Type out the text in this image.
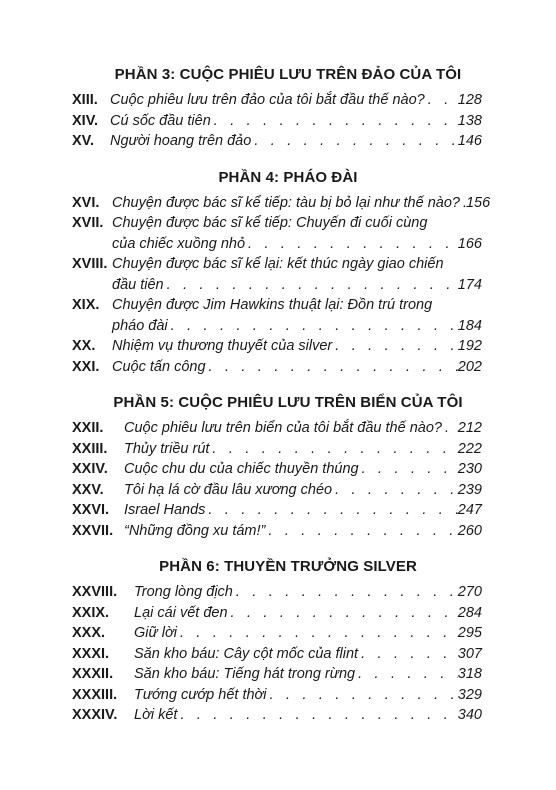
PHẦN 3: CUỘC PHIÊU LƯU TRÊN ĐẢO CỦA TÔI
XIII. Cuộc phiêu lưu trên đảo của tôi bắt đầu thế nào? . . . 128
XIV. Cú sốc đầu tiên . . .	138
XV.	Người hoang trên đảo . . .	146
PHẦN 4: PHÁO ĐÀI
XVI. Chuyện được bác sĩ kể tiếp: tàu bị bỏ lại như thế nào? . . . 156
XVII. Chuyện được bác sĩ kể tiếp: Chuyến đi cuối cùng
của chiếc xuồng nhỏ . . .	166
XVIII. Chuyện được bác sĩ kể lại: kết thúc ngày giao chiến
đầu tiên . . .	174
XIX. Chuyện được Jim Hawkins thuật lại: Đồn trú trong
pháo đài . . .	184
XX.	Nhiệm vụ thương thuyết của silver . . .	192
XXI. Cuộc tấn công . . .	202
PHẦN 5: CUỘC PHIÊU LƯU TRÊN BIỂN CỦA TÔI
XXII.	Cuộc phiêu lưu trên biển của tôi bắt đầu thế nào? . . . 212
XXIII.	Thủy triều rút . . .	222
XXIV.	Cuộc chu du của chiếc thuyền thúng . . .	230
XXV.	Tôi hạ lá cờ đầu lâu xương chéo . . .	239
XXVI.	Israel Hands . . .	247
XXVII. “Những đồng xu tám!” . . .	260
PHẦN 6: THUYỀN TRƯỞNG SILVER
XXVIII.	Trong lòng địch . . .	270
XXIX.	Lại cái vết đen . . .	284
XXX.	Giữ lời . . .	295
XXXI.	Săn kho báu: Cây cột mốc của flint . . .	307
XXXII.	Săn kho báu: Tiếng hát trong rừng . . .	318
XXXIII.	Tướng cướp hết thời . . .	329
XXXIV.	Lời kết . . .	340
